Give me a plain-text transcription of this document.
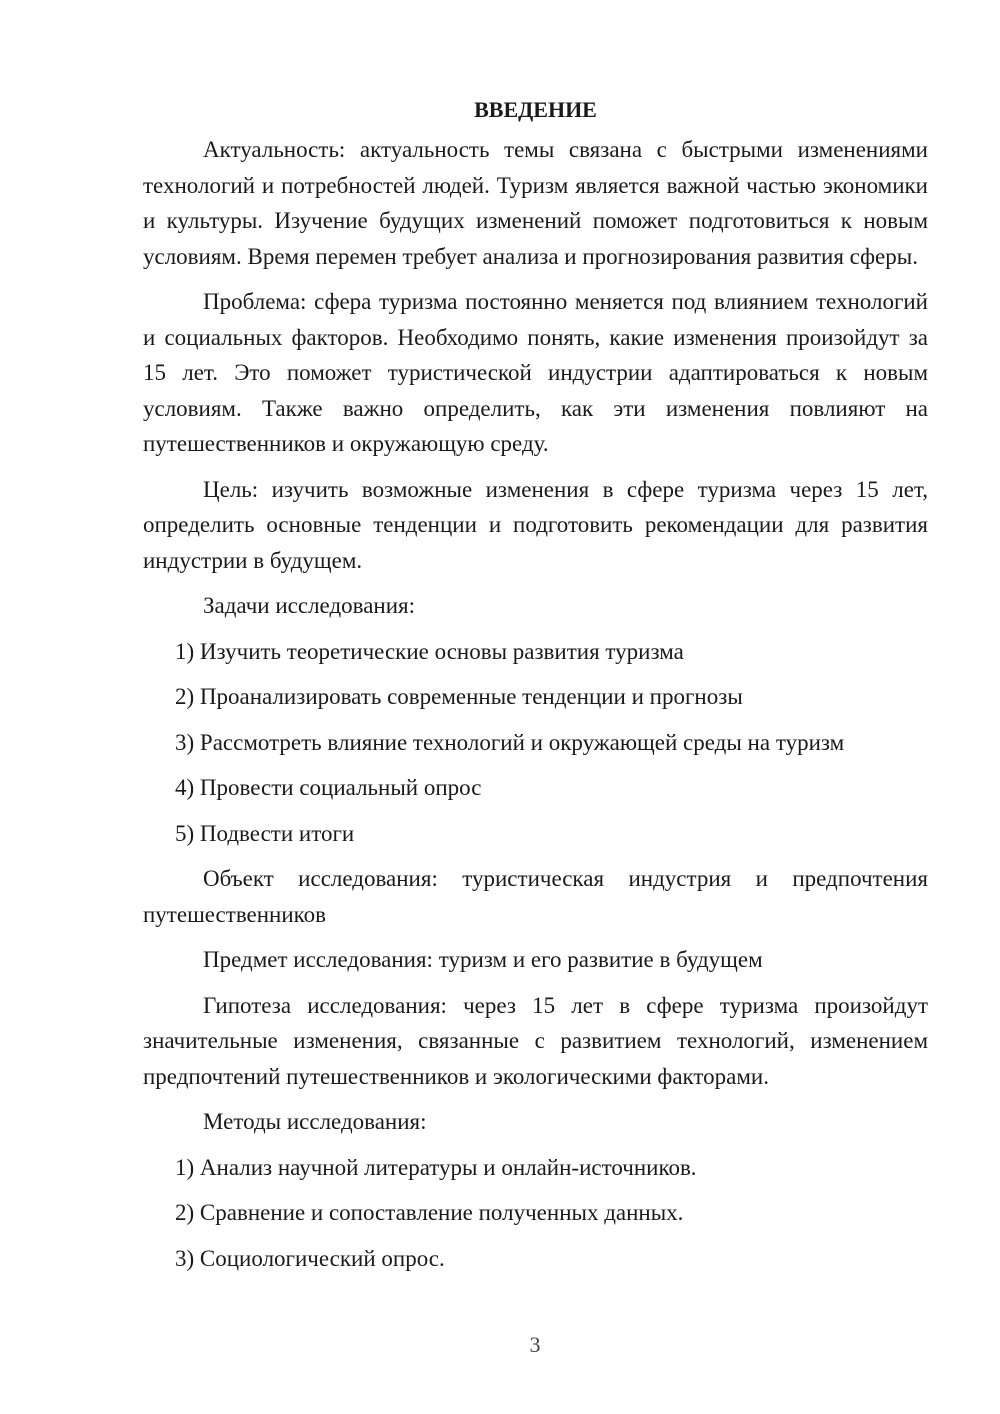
ВВЕДЕНИЕ

Актуальность: актуальность темы связана с быстрыми изменениями технологий и потребностей людей. Туризм является важной частью экономики и культуры. Изучение будущих изменений поможет подготовиться к новым условиям. Время перемен требует анализа и прогнозирования развития сферы.

Проблема: сфера туризма постоянно меняется под влиянием технологий и социальных факторов. Необходимо понять, какие изменения произойдут за 15 лет. Это поможет туристической индустрии адаптироваться к новым условиям. Также важно определить, как эти изменения повлияют на путешественников и окружающую среду.

Цель: изучить возможные изменения в сфере туризма через 15 лет, определить основные тенденции и подготовить рекомендации для развития индустрии в будущем.

Задачи исследования:

1) Изучить теоретические основы развития туризма

2) Проанализировать современные тенденции и прогнозы

3) Рассмотреть влияние технологий и окружающей среды на туризм

4) Провести социальный опрос

5) Подвести итоги

Объект исследования: туристическая индустрия и предпочтения путешественников

Предмет исследования: туризм и его развитие в будущем

Гипотеза исследования: через 15 лет в сфере туризма произойдут значительные изменения, связанные с развитием технологий, изменением предпочтений путешественников и экологическими факторами.

Методы исследования:

1) Анализ научной литературы и онлайн-источников.

2) Сравнение и сопоставление полученных данных.

3) Социологический опрос.

3
